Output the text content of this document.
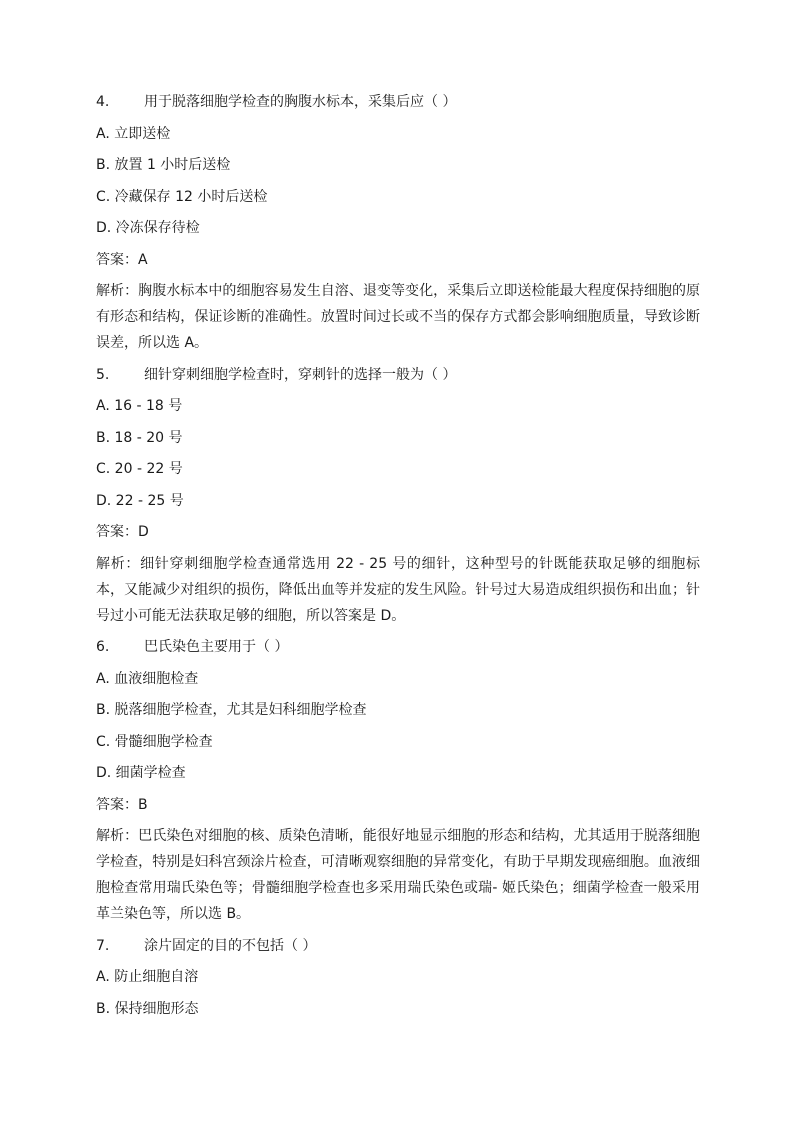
4.	用于脱落细胞学检查的胸腹水标本，采集后应（ ）
A. 立即送检
B. 放置 1 小时后送检
C. 冷藏保存 12 小时后送检
D. 冷冻保存待检
答案：A
解析：胸腹水标本中的细胞容易发生自溶、退变等变化，采集后立即送检能最大程度保持细胞的原有形态和结构，保证诊断的准确性。放置时间过长或不当的保存方式都会影响细胞质量，导致诊断误差，所以选 A。
5.	细针穿刺细胞学检查时，穿刺针的选择一般为（ ）
A. 16 - 18 号
B. 18 - 20 号
C. 20 - 22 号
D. 22 - 25 号
答案：D
解析：细针穿刺细胞学检查通常选用 22 - 25 号的细针，这种型号的针既能获取足够的细胞标本，又能减少对组织的损伤，降低出血等并发症的发生风险。针号过大易造成组织损伤和出血；针号过小可能无法获取足够的细胞，所以答案是 D。
6.	巴氏染色主要用于（ ）
A. 血液细胞检查
B. 脱落细胞学检查，尤其是妇科细胞学检查
C. 骨髓细胞学检查
D. 细菌学检查
答案：B
解析：巴氏染色对细胞的核、质染色清晰，能很好地显示细胞的形态和结构，尤其适用于脱落细胞学检查，特别是妇科宫颈涂片检查，可清晰观察细胞的异常变化，有助于早期发现癌细胞。血液细胞检查常用瑞氏染色等；骨髓细胞学检查也多采用瑞氏染色或瑞- 姬氏染色；细菌学检查一般采用革兰染色等，所以选 B。
7.	涂片固定的目的不包括（ ）
A. 防止细胞自溶
B. 保持细胞形态
